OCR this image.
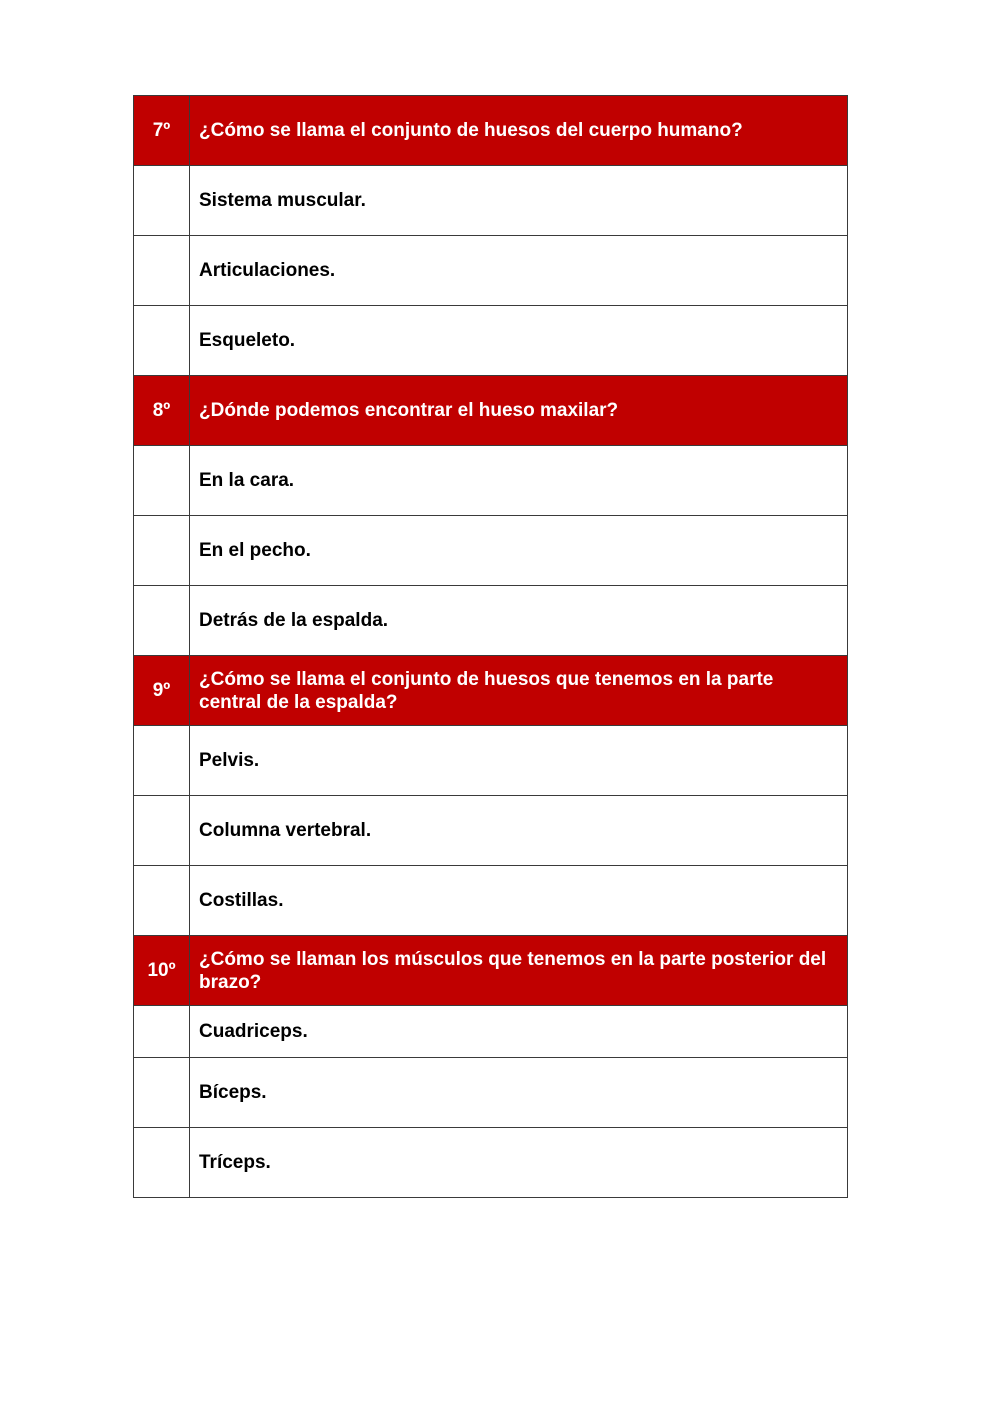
7º	¿Cómo se llama el conjunto de huesos del cuerpo humano?
	Sistema muscular.
	Articulaciones.
	Esqueleto.
8º	¿Dónde podemos encontrar el hueso maxilar?
	En la cara.
	En el pecho.
	Detrás de la espalda.
9º	¿Cómo se llama el conjunto de huesos que tenemos en la parte central de la espalda?
	Pelvis.
	Columna vertebral.
	Costillas.
10º	¿Cómo se llaman los músculos que tenemos en la parte posterior del brazo?
	Cuadriceps.
	Bíceps.
	Tríceps.
